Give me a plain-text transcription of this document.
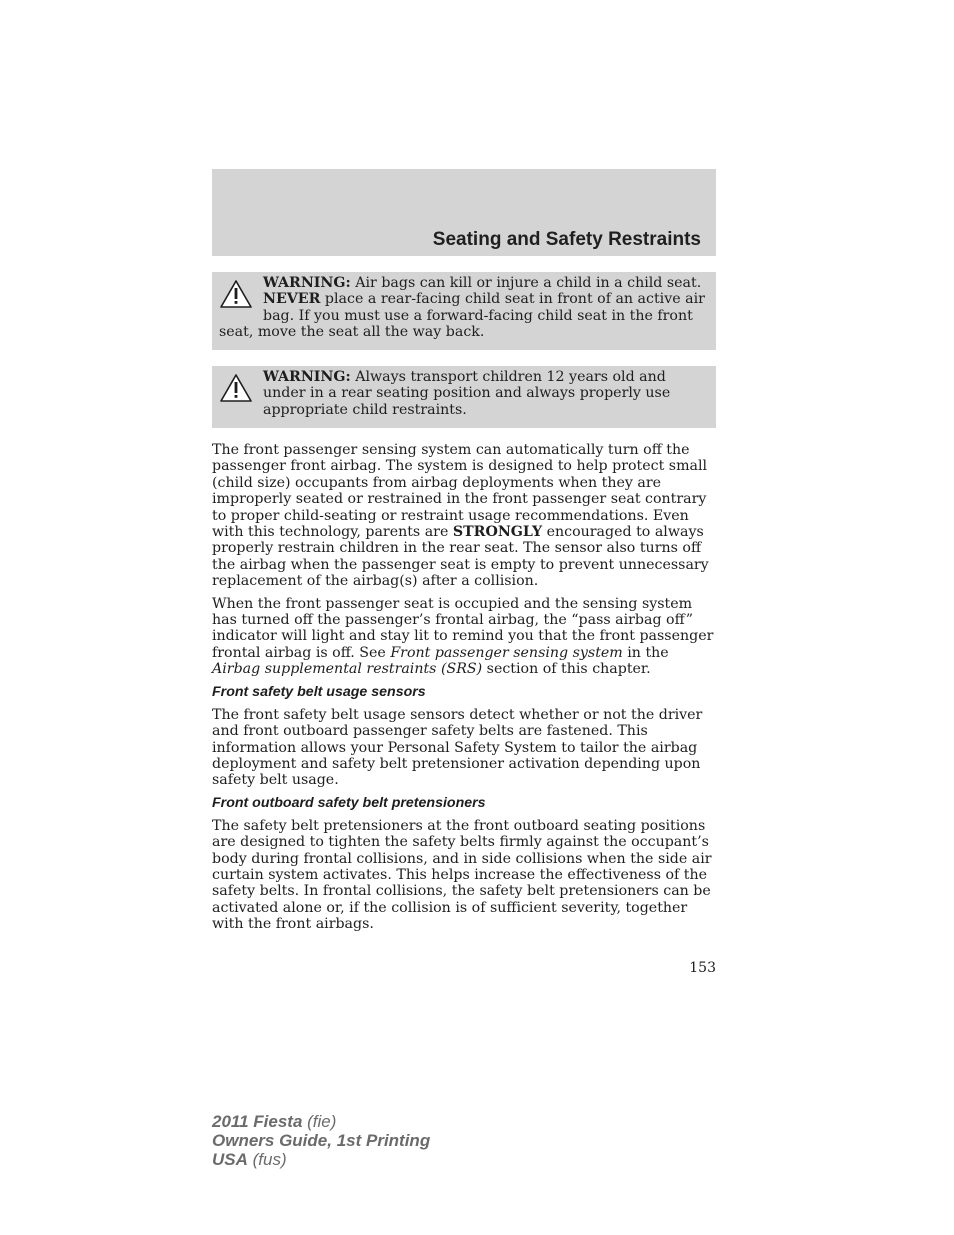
Seating and Safety Restraints
WARNING: Air bags can kill or injure a child in a child seat. NEVER place a rear-facing child seat in front of an active air bag. If you must use a forward-facing child seat in the front seat, move the seat all the way back.
WARNING: Always transport children 12 years old and under in a rear seating position and always properly use appropriate child restraints.

The front passenger sensing system can automatically turn off the passenger front airbag. The system is designed to help protect small (child size) occupants from airbag deployments when they are improperly seated or restrained in the front passenger seat contrary to proper child-seating or restraint usage recommendations. Even with this technology, parents are STRONGLY encouraged to always properly restrain children in the rear seat. The sensor also turns off the airbag when the passenger seat is empty to prevent unnecessary replacement of the airbag(s) after a collision.

When the front passenger seat is occupied and the sensing system has turned off the passenger’s frontal airbag, the “pass airbag off” indicator will light and stay lit to remind you that the front passenger frontal airbag is off. See Front passenger sensing system in the Airbag supplemental restraints (SRS) section of this chapter.

Front safety belt usage sensors

The front safety belt usage sensors detect whether or not the driver and front outboard passenger safety belts are fastened. This information allows your Personal Safety System to tailor the airbag deployment and safety belt pretensioner activation depending upon safety belt usage.

Front outboard safety belt pretensioners

The safety belt pretensioners at the front outboard seating positions are designed to tighten the safety belts firmly against the occupant’s body during frontal collisions, and in side collisions when the side air curtain system activates. This helps increase the effectiveness of the safety belts. In frontal collisions, the safety belt pretensioners can be activated alone or, if the collision is of sufficient severity, together with the front airbags.

153
2011 Fiesta (fie)
Owners Guide, 1st Printing
USA (fus)
